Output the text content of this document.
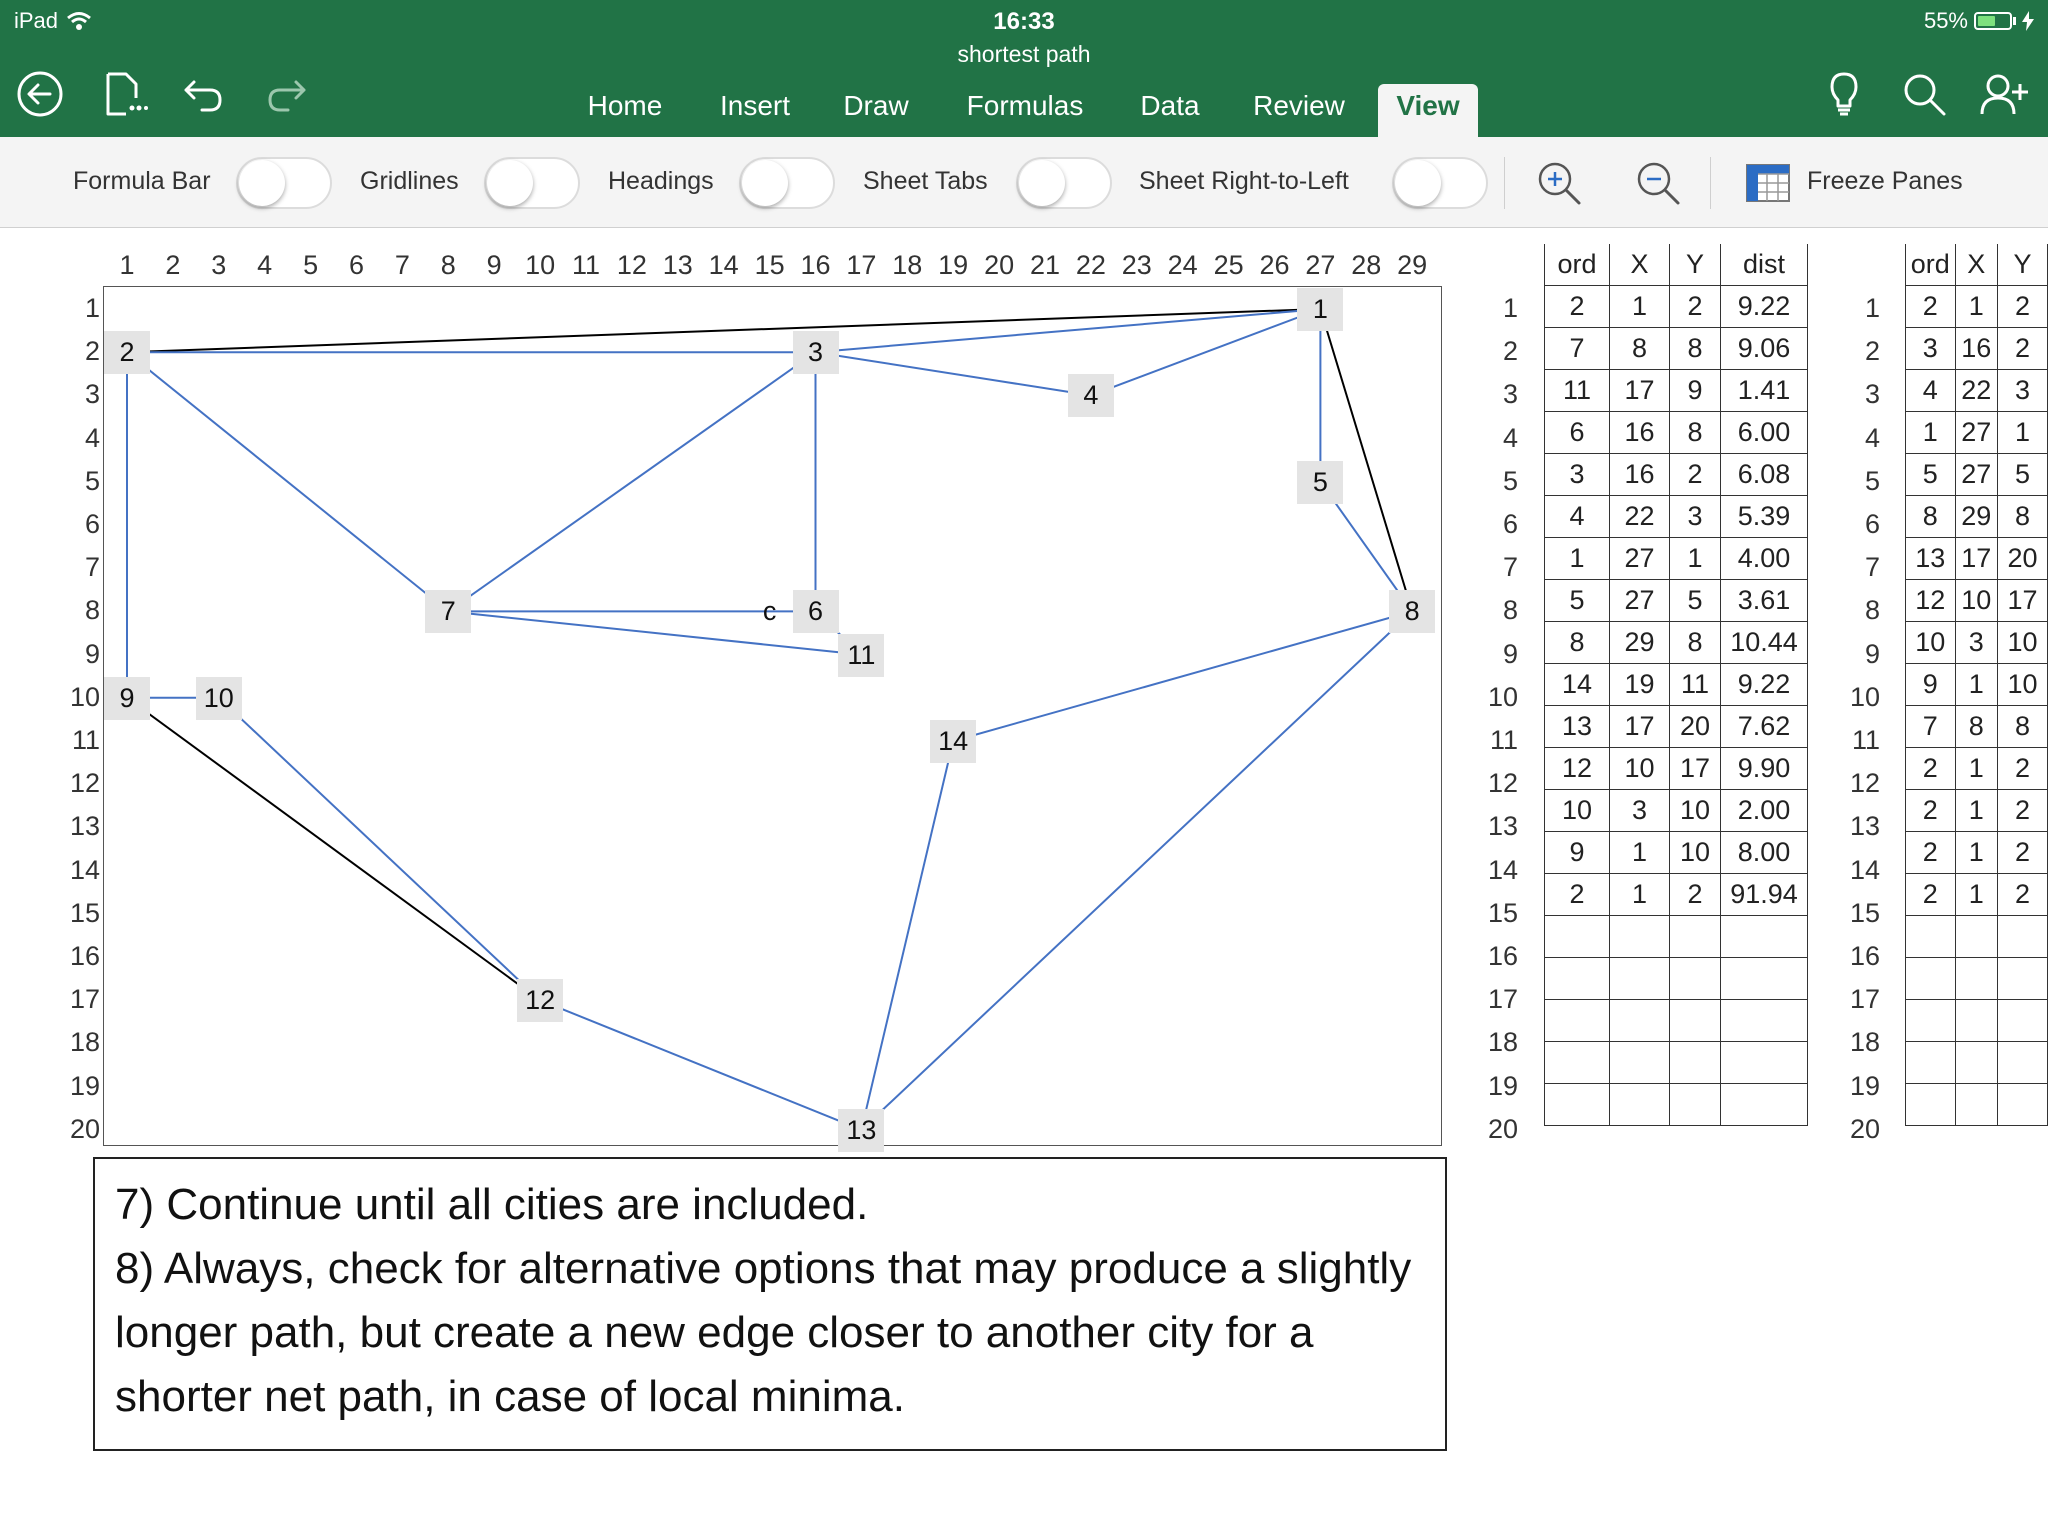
iPad	16:33	55%
shortest path
Home	Insert	Draw	Formulas	Data	Review	View
Formula Bar	Gridlines	Headings	Sheet Tabs	Sheet Right-to-Left	Freeze Panes
1	2	3	4	5	6	7	8	9 10 11 12 13 14 15 16 17 18 19 20 21 22 23 24 25 26 27 28 29
1
2
3
4
5
6
7
8
9
10
11
12
13
14
15
16
17
18
19
20
1
2	3
4
5
6
7	8
11
9	10
14
12
13
c
1
2
3
4
5
6
7
8
9
10
11
12
13
14
15
16
17
18
19
20
ord	X	Y	dist
2	1	2	9.22
7	8	8	9.06
11	17	9	1.41
6	16	8	6.00
3	16	2	6.08
4	22	3	5.39
1	27	1	4.00
5	27	5	3.61
8	29	8	10.44
14	19	11	9.22
13	17	20	7.62
12	10	17	9.90
10	3	10	2.00
9	1	10	8.00
2	1	2	91.94

1
2
3
4
5
6
7
8
9
10
11
12
13
14
15
16
17
18
19
20
ord	X	Y
2	1	2
3	16	2
4	22	3
1	27	1
5	27	5
8	29	8
13	17	20
12	10	17
10	3	10
9	1	10
7	8	8
2	1	2
2	1	2
2	1	2
2	1	2

7) Continue until all cities are included.

8) Always, check for alternative options that may produce a slightly longer path, but create a new edge closer to another city for a shorter net path, in case of local minima.
